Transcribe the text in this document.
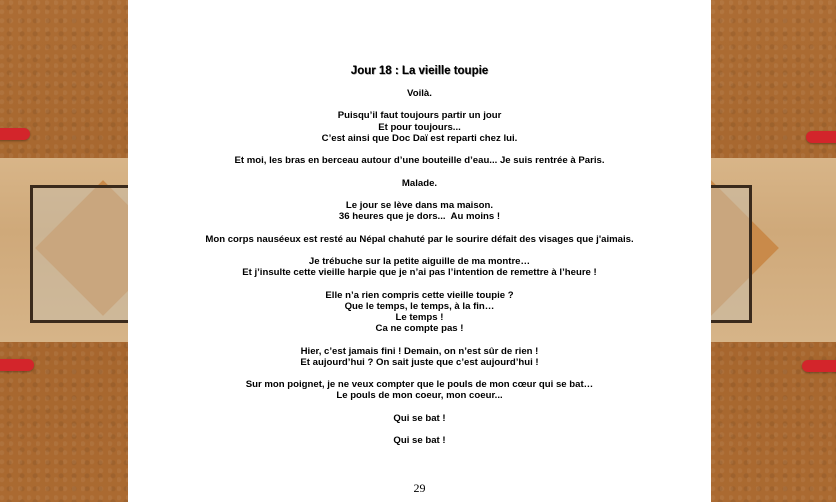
Jour 18 : La vieille toupie
Voilà.
Puisqu’il faut toujours partir un jour
Et pour toujours...
C’est ainsi que Doc Daï est reparti chez lui.
Et moi, les bras en berceau autour d’une bouteille d’eau... Je suis rentrée à Paris.
Malade.
Le jour se lève dans ma maison.
36 heures que je dors...  Au moins !
Mon corps nauséeux est resté au Népal chahuté par le sourire défait des visages que j'aimais.
Je trébuche sur la petite aiguille de ma montre…
Et j’insulte cette vieille harpie que je n’ai pas l’intention de remettre à l’heure !
Elle n’a rien compris cette vieille toupie ?
Que le temps, le temps, à la fin…
Le temps !
Ca ne compte pas !
Hier, c’est jamais fini ! Demain, on n’est sûr de rien !
Et aujourd’hui ? On sait juste que c’est aujourd’hui !
Sur mon poignet, je ne veux compter que le pouls de mon cœur qui se bat…
Le pouls de mon coeur, mon coeur...
Qui se bat !
Qui se bat !
29
